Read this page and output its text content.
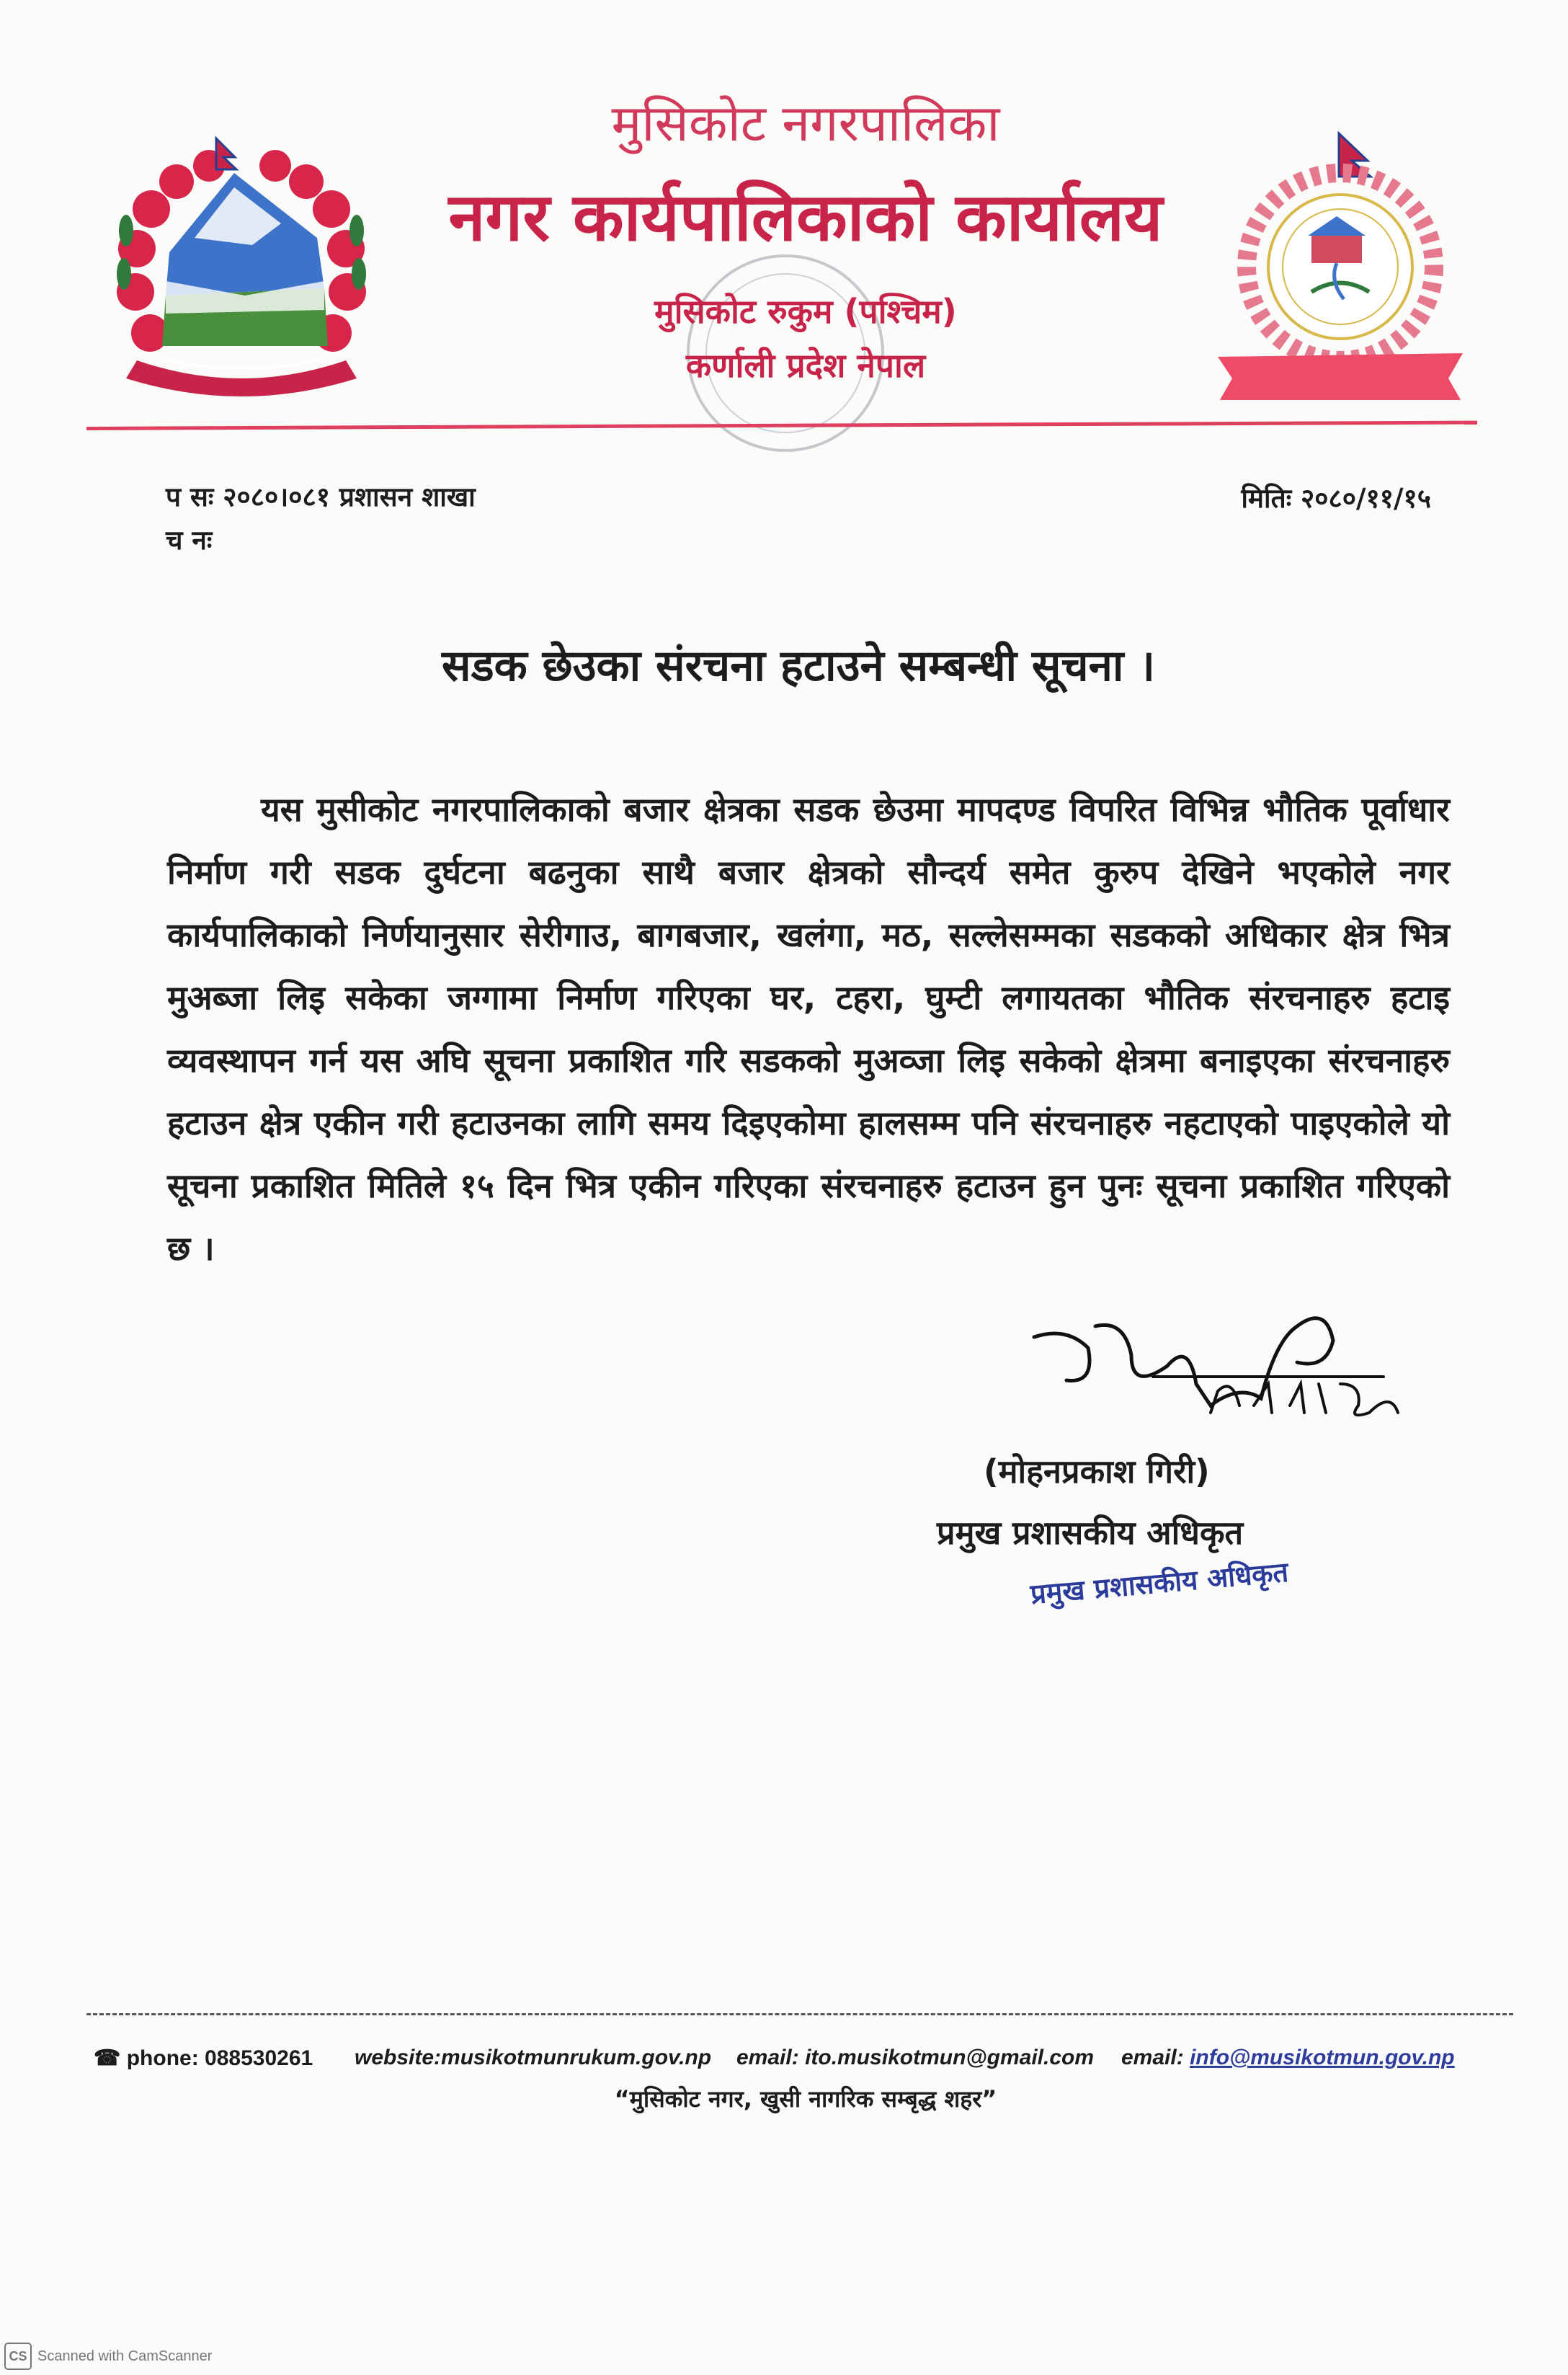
मुसिकोट नगरपालिका
नगर कार्यपालिकाको कार्यालय
मुसिकोट रुकुम (पश्चिम)
कर्णाली प्रदेश नेपाल
प सः २०८०।०८१ प्रशासन शाखा
च नः
मितिः २०८०/११/१५
सडक छेउका संरचना हटाउने सम्बन्धी सूचना ।
यस मुसीकोट नगरपालिकाको बजार क्षेत्रका सडक छेउमा मापदण्ड विपरित विभिन्न भौतिक पूर्वाधार निर्माण गरी सडक दुर्घटना बढनुका साथै बजार क्षेत्रको सौन्दर्य समेत कुरुप देखिने भएकोले नगर कार्यपालिकाको निर्णयानुसार सेरीगाउ, बागबजार, खलंगा, मठ, सल्लेसम्मका सडकको अधिकार क्षेत्र भित्र मुअब्जा लिइ सकेका जग्गामा निर्माण गरिएका घर, टहरा, घुम्टी लगायतका भौतिक संरचनाहरु हटाइ व्यवस्थापन गर्न यस अघि सूचना प्रकाशित गरि सडकको मुअव्जा लिइ सकेको क्षेत्रमा बनाइएका संरचनाहरु हटाउन क्षेत्र एकीन गरी हटाउनका लागि समय दिइएकोमा हालसम्म पनि संरचनाहरु नहटाएको पाइएकोले यो सूचना प्रकाशित मितिले १५ दिन भित्र एकीन गरिएका संरचनाहरु हटाउन हुन पुनः सूचना प्रकाशित गरिएको छ ।
(मोहनप्रकाश गिरी)
प्रमुख प्रशासकीय अधिकृत
प्रमुख प्रशासकीय अधिकृत
☎ phone: 088530261 website:musikotmunrukum.gov.np email: ito.musikotmun@gmail.com email: info@musikotmun.gov.np
“मुसिकोट नगर, खुसी नागरिक सम्बृद्ध शहर”
CS Scanned with CamScanner
